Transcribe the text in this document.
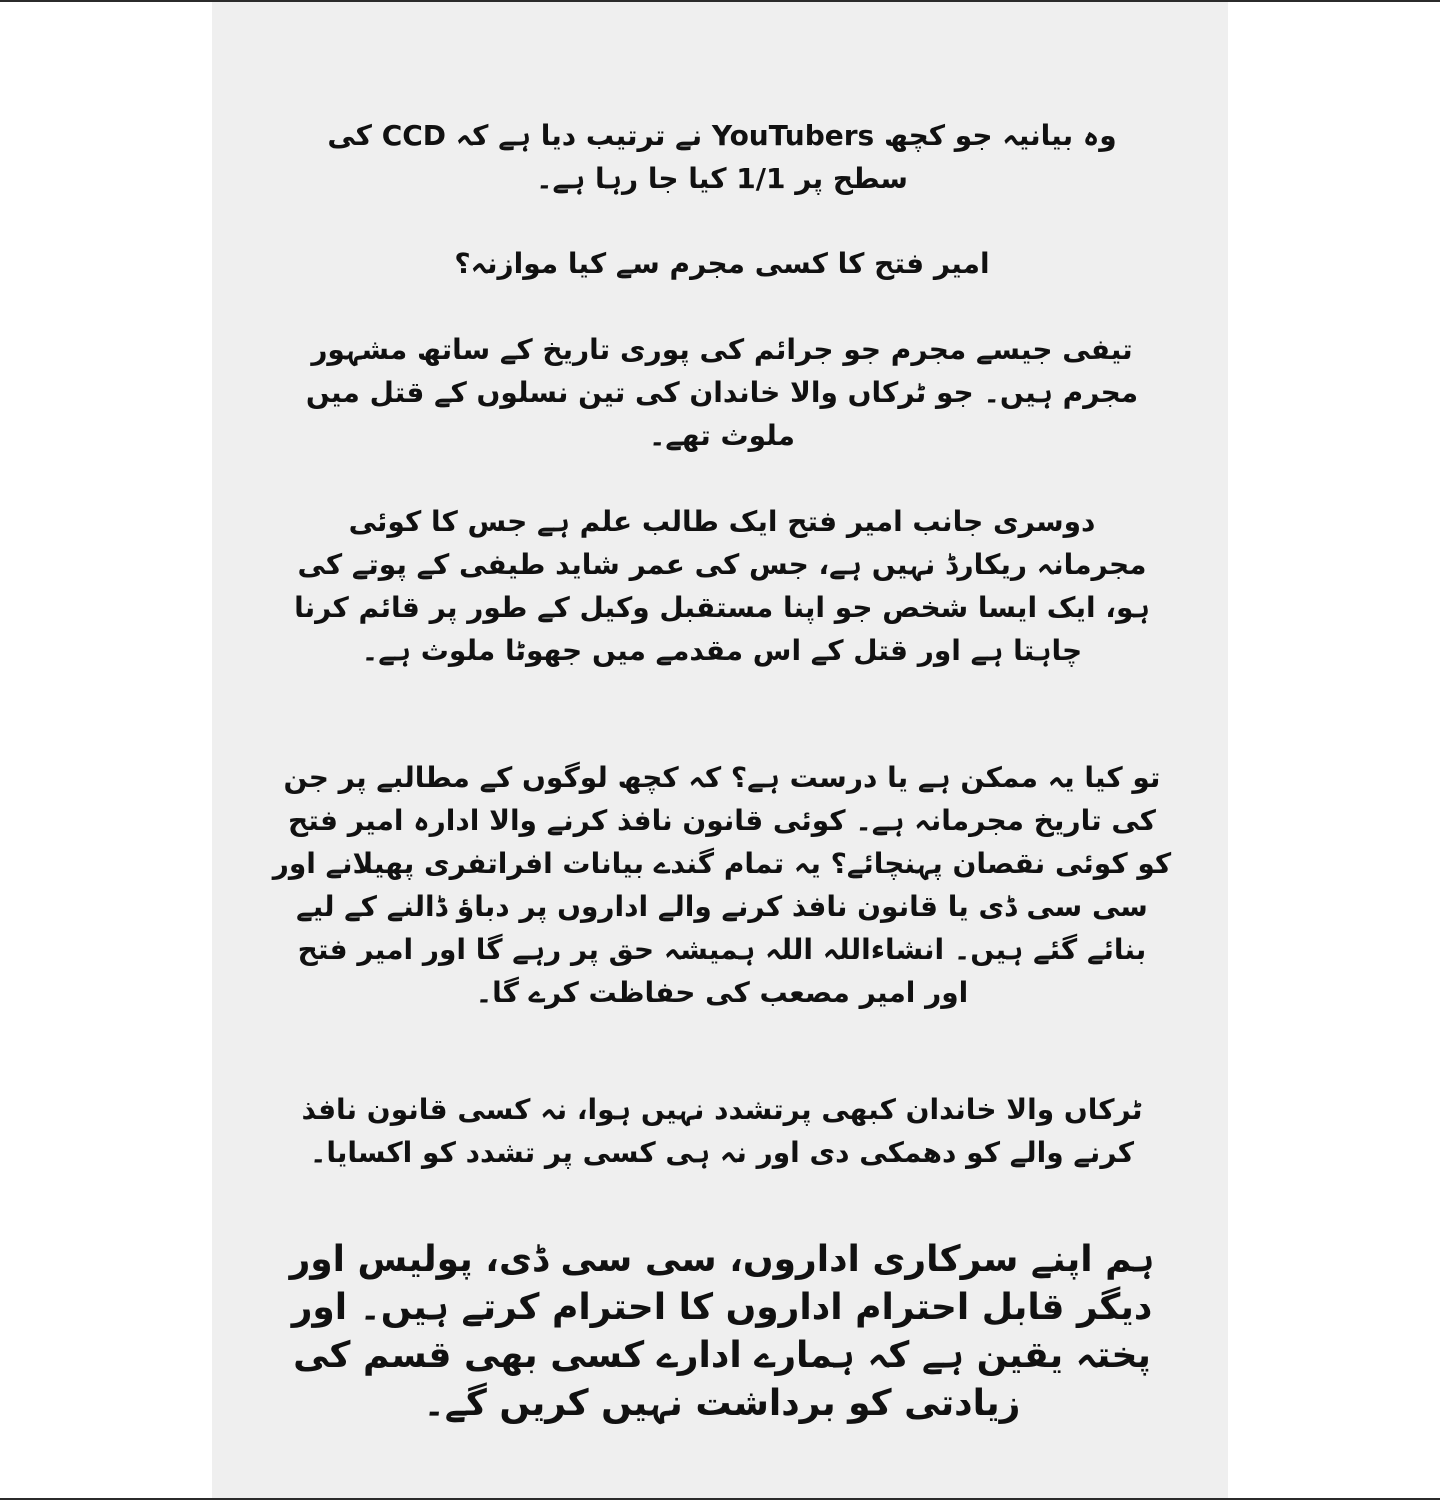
وہ بیانیہ جو کچھ YouTubers نے ترتیب دیا ہے کہ CCD کی سطح پر 1/1 کیا جا رہا ہے۔
امیر فتح کا کسی مجرم سے کیا موازنہ؟
تیفی جیسے مجرم جو جرائم کی پوری تاریخ کے ساتھ مشہور مجرم ہیں۔ جو ٹرکاں والا خاندان کی تین نسلوں کے قتل میں ملوث تھے۔
دوسری جانب امیر فتح ایک طالب علم ہے جس کا کوئی مجرمانہ ریکارڈ نہیں ہے، جس کی عمر شاید طیفی کے پوتے کی ہو، ایک ایسا شخص جو اپنا مستقبل وکیل کے طور پر قائم کرنا چاہتا ہے اور قتل کے اس مقدمے میں جھوٹا ملوث ہے۔
تو کیا یہ ممکن ہے یا درست ہے؟ کہ کچھ لوگوں کے مطالبے پر جن کی تاریخ مجرمانہ ہے۔ کوئی قانون نافذ کرنے والا ادارہ امیر فتح کو کوئی نقصان پہنچائے؟ یہ تمام گندے بیانات افراتفری پھیلانے اور سی سی ڈی یا قانون نافذ کرنے والے اداروں پر دباؤ ڈالنے کے لیے بنائے گئے ہیں۔ انشاءاللہ اللہ ہمیشہ حق پر رہے گا اور امیر فتح اور امیر مصعب کی حفاظت کرے گا۔
ٹرکاں والا خاندان کبھی پرتشدد نہیں ہوا، نہ کسی قانون نافذ کرنے والے کو دھمکی دی اور نہ ہی کسی پر تشدد کو اکسایا۔
ہم اپنے سرکاری اداروں، سی سی ڈی، پولیس اور دیگر قابل احترام اداروں کا احترام کرتے ہیں۔ اور پختہ یقین ہے کہ ہمارے ادارے کسی بھی قسم کی زیادتی کو برداشت نہیں کریں گے۔
